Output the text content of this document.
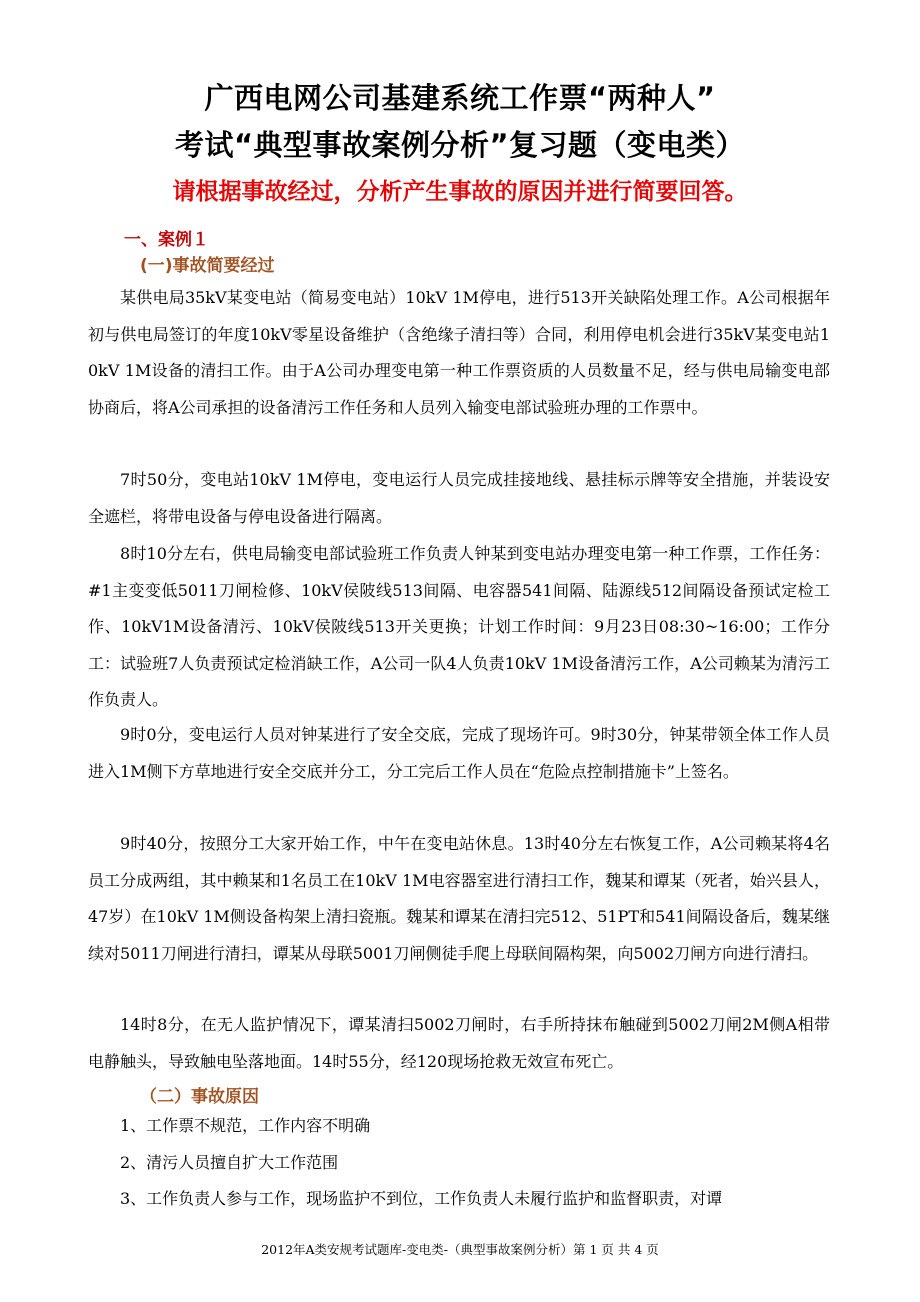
广西电网公司基建系统工作票“两种人”
考试“典型事故案例分析”复习题（变电类）
请根据事故经过，分析产生事故的原因并进行简要回答。
一、案例１
(一)事故简要经过
某供电局35kV某变电站（简易变电站）10kV 1M停电，进行513开关缺陷处理工作。A公司根据年初与供电局签订的年度10kV零星设备维护（含绝缘子清扫等）合同，利用停电机会进行35kV某变电站10kV 1M设备的清扫工作。由于A公司办理变电第一种工作票资质的人员数量不足，经与供电局输变电部协商后，将A公司承担的设备清污工作任务和人员列入输变电部试验班办理的工作票中。
7时50分，变电站10kV 1M停电，变电运行人员完成挂接地线、悬挂标示牌等安全措施，并装设安全遮栏，将带电设备与停电设备进行隔离。
8时10分左右，供电局输变电部试验班工作负责人钟某到变电站办理变电第一种工作票，工作任务：#1主变变低5011刀闸检修、10kV侯陂线513间隔、电容器541间隔、陆源线512间隔设备预试定检工作、10kV1M设备清污、10kV侯陂线513开关更换；计划工作时间：9月23日08:30~16:00；工作分工：试验班7人负责预试定检消缺工作，A公司一队4人负责10kV 1M设备清污工作，A公司赖某为清污工作负责人。
9时0分，变电运行人员对钟某进行了安全交底，完成了现场许可。9时30分，钟某带领全体工作人员进入1M侧下方草地进行安全交底并分工，分工完后工作人员在“危险点控制措施卡”上签名。
9时40分，按照分工大家开始工作，中午在变电站休息。13时40分左右恢复工作，A公司赖某将4名员工分成两组，其中赖某和1名员工在10kV 1M电容器室进行清扫工作，魏某和谭某（死者，始兴县人，47岁）在10kV 1M侧设备构架上清扫瓷瓶。魏某和谭某在清扫完512、51PT和541间隔设备后，魏某继续对5011刀闸进行清扫，谭某从母联5001刀闸侧徒手爬上母联间隔构架，向5002刀闸方向进行清扫。
14时8分，在无人监护情况下，谭某清扫5002刀闸时，右手所持抹布触碰到5002刀闸2M侧A相带电静触头，导致触电坠落地面。14时55分，经120现场抢救无效宣布死亡。
（二）事故原因
1、工作票不规范，工作内容不明确
2、清污人员擅自扩大工作范围
3、工作负责人参与工作，现场监护不到位，工作负责人未履行监护和监督职责，对谭
2012年A类安规考试题库-变电类-（典型事故案例分析）第 1 页 共 4 页
